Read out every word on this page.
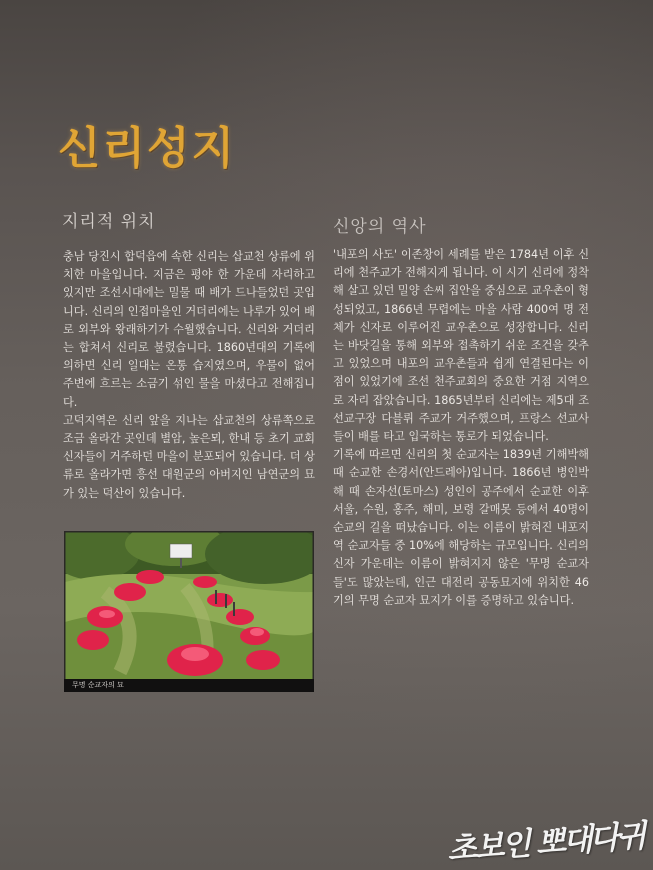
신리성지
지리적 위치

충남 당진시 합덕읍에 속한 신리는 삽교천 상류에 위치한 마을입니다. 지금은 평야 한 가운데 자리하고 있지만 조선시대에는 밀물 때 배가 드나들었던 곳입니다. 신리의 인접마을인 거더리에는 나루가 있어 배로 외부와 왕래하기가 수월했습니다. 신리와 거더리는 합쳐서 신리로 불렸습니다. 1860년대의 기록에 의하면 신리 일대는 온통 습지였으며, 우물이 없어 주변에 흐르는 소금기 섞인 물을 마셨다고 전해집니다.

고덕지역은 신리 앞을 지나는 삽교천의 상류쪽으로 조금 올라간 곳인데 별암, 높은뫼, 한내 등 초기 교회 신자들이 거주하던 마을이 분포되어 있습니다. 더 상류로 올라가면 흥선 대원군의 아버지인 남연군의 묘가 있는 덕산이 있습니다.

무명 순교자의 묘
신앙의 역사

'내포의 사도' 이존창이 세례를 받은 1784년 이후 신리에 천주교가 전해지게 됩니다. 이 시기 신리에 정착해 살고 있던 밀양 손씨 집안을 중심으로 교우촌이 형성되었고, 1866년 무렵에는 마을 사람 400여 명 전체가 신자로 이루어진 교우촌으로 성장합니다. 신리는 바닷길을 통해 외부와 접촉하기 쉬운 조건을 갖추고 있었으며 내포의 교우촌들과 쉽게 연결된다는 이점이 있었기에 조선 천주교회의 중요한 거점 지역으로 자리 잡았습니다. 1865년부터 신리에는 제5대 조선교구장 다블뤼 주교가 거주했으며, 프랑스 선교사들이 배를 타고 입국하는 통로가 되었습니다.

기록에 따르면 신리의 첫 순교자는 1839년 기해박해 때 순교한 손경서(안드레아)입니다. 1866년 병인박해 때 손자선(토마스) 성인이 공주에서 순교한 이후 서울, 수원, 홍주, 해미, 보령 갈매못 등에서 40명이 순교의 길을 떠났습니다. 이는 이름이 밝혀진 내포지역 순교자들 중 10%에 해당하는 규모입니다. 신리의 신자 가운데는 이름이 밝혀지지 않은 '무명 순교자들'도 많았는데, 인근 대전리 공동묘지에 위치한 46기의 무명 순교자 묘지가 이를 증명하고 있습니다.

초보인 뽀대다귀
